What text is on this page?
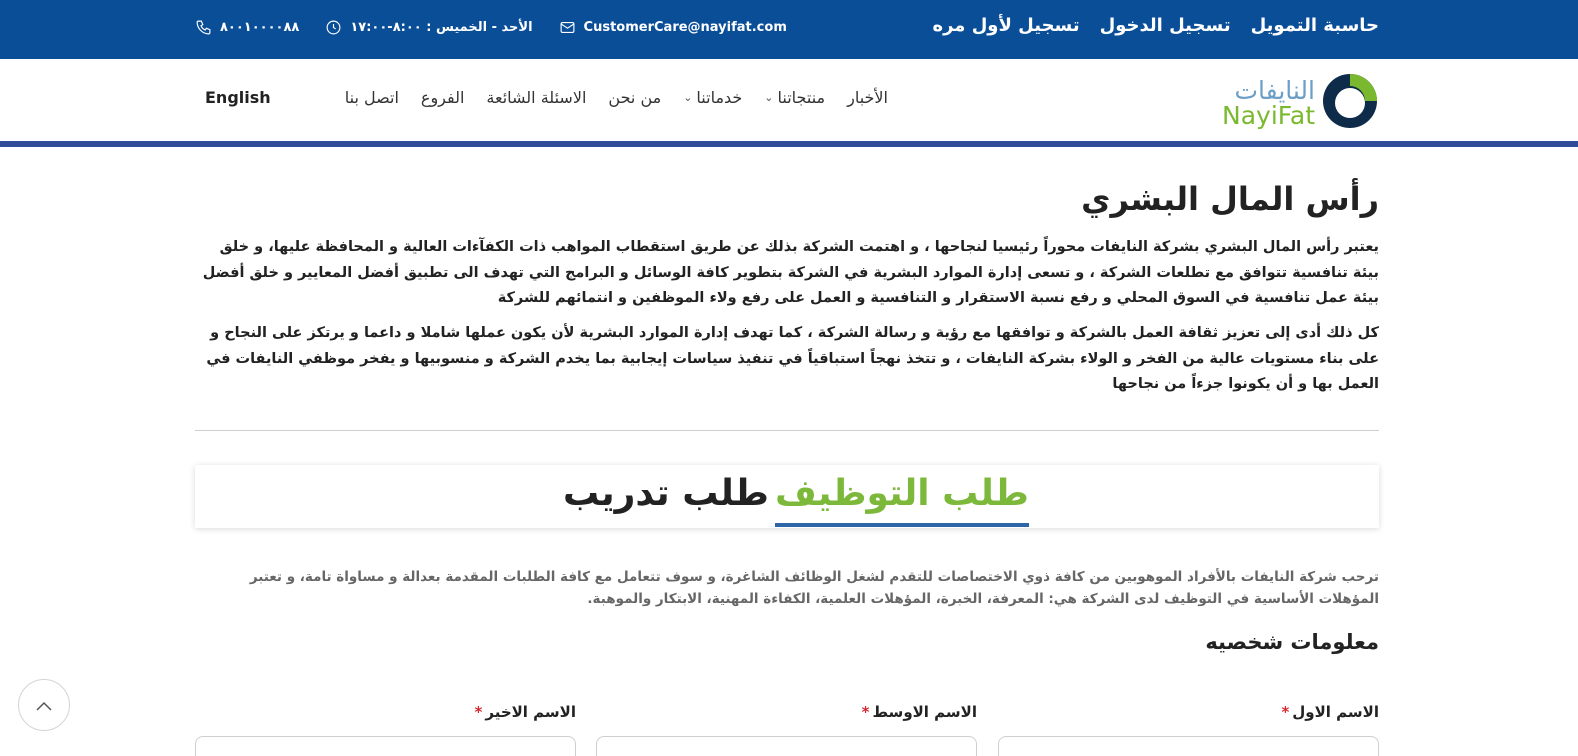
حاسبة التمويل
تسجيل الدخول
تسجيل لأول مره
٨٠٠١٠٠٠٠٨٨	الأحد - الخميس : ٨:٠٠-١٧:٠٠	CustomerCare@nayifat.com
النايفات
NayiFat
الأخبار
منتجاتنا
⌄
خدماتنا
⌄
من نحن
الاسئلة الشائعة
الفروع
اتصل بنا
English
رأس المال البشري

يعتبر رأس المال البشري بشركة النايفات محوراً رئيسيا لنجاحها ، و اهتمت الشركة بذلك عن طريق استقطاب المواهب ذات الكفآءات العالية و المحافظة عليها، و خلق بيئة تنافسية تتوافق مع تطلعات الشركة ، و تسعى إدارة الموارد البشرية في الشركة بتطوير كافة الوسائل و البرامج التي تهدف الى تطبيق أفضل المعايير و خلق أفضل بيئة عمل تنافسية في السوق المحلي و رفع نسبة الاستقرار و التنافسية و العمل على رفع ولاء الموظفين و انتمائهم للشركة

كل ذلك أدى إلى تعزيز ثقافة العمل بالشركة و توافقها مع رؤية و رسالة الشركة ، كما تهدف إدارة الموارد البشرية لأن يكون عملها شاملا و داعما و يرتكز على النجاح و على بناء مستويات عالية من الفخر و الولاء بشركة النايفات ، و تتخذ نهجاً استباقياً في تنفيذ سياسات إيجابية بما يخدم الشركة و منسوبيها و يفخر موظفي النايفات في العمل بها و أن يكونوا جزءاً من نجاحها

طلب تدريب طلب التوظيف

ترحب شركة النايفات بالأفراد الموهوبين من كافة ذوي الاختصاصات للتقدم لشغل الوظائف الشاغرة، و سوف تتعامل مع كافة الطلبات المقدمة بعدالة و مساواة تامة، و تعتبر المؤهلات الأساسية في التوظيف لدى الشركة هي: المعرفة، الخبرة، المؤهلات العلمية، الكفاءة المهنية، الابتكار والموهبة.

معلومات شخصيه
الاسم الاول*
الاسم الاوسط*
الاسم الاخير*
